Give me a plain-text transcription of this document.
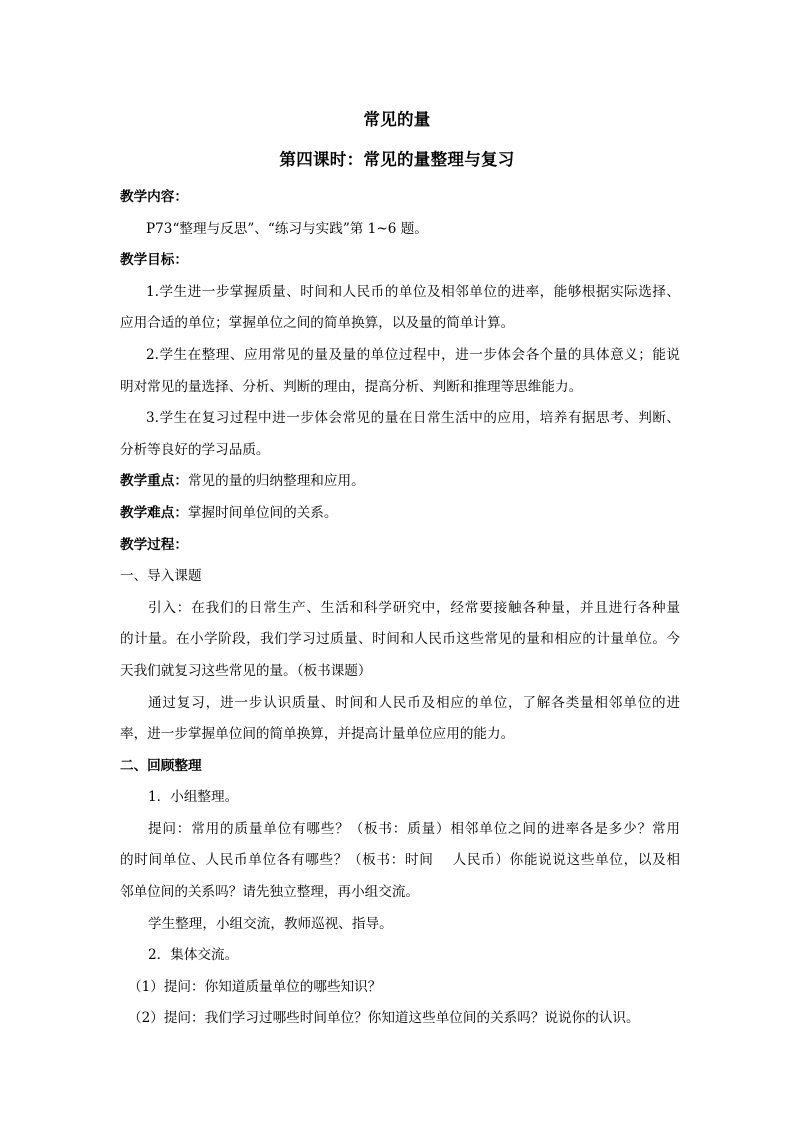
常见的量
第四课时：常见的量整理与复习
教学内容：
P73“整理与反思”、“练习与实践”第 1~6 题。
教学目标：
1.学生进一步掌握质量、时间和人民币的单位及相邻单位的进率，能够根据实际选择、
应用合适的单位；掌握单位之间的简单换算，以及量的简单计算。
2.学生在整理、应用常见的量及量的单位过程中，进一步体会各个量的具体意义；能说
明对常见的量选择、分析、判断的理由，提高分析、判断和推理等思维能力。
3.学生在复习过程中进一步体会常见的量在日常生活中的应用，培养有据思考、判断、
分析等良好的学习品质。
教学重点：常见的量的归纳整理和应用。
教学难点：掌握时间单位间的关系。
教学过程：
一、导入课题
引入：在我们的日常生产、生活和科学研究中，经常要接触各种量，并且进行各种量
的计量。在小学阶段，我们学习过质量、时间和人民币这些常见的量和相应的计量单位。今
天我们就复习这些常见的量。（板书课题）
通过复习，进一步认识质量、时间和人民币及相应的单位，了解各类量相邻单位的进
率，进一步掌握单位间的简单换算，并提高计量单位应用的能力。
二、回顾整理
1．小组整理。
提问：常用的质量单位有哪些？（板书：质量）相邻单位之间的进率各是多少？常用
的时间单位、人民币单位各有哪些？（板书：时间　 人民币）你能说说这些单位，以及相
邻单位间的关系吗？请先独立整理，再小组交流。
学生整理，小组交流，教师巡视、指导。
2．集体交流。
（1）提问：你知道质量单位的哪些知识？
（2）提问：我们学习过哪些时间单位？你知道这些单位间的关系吗？说说你的认识。
